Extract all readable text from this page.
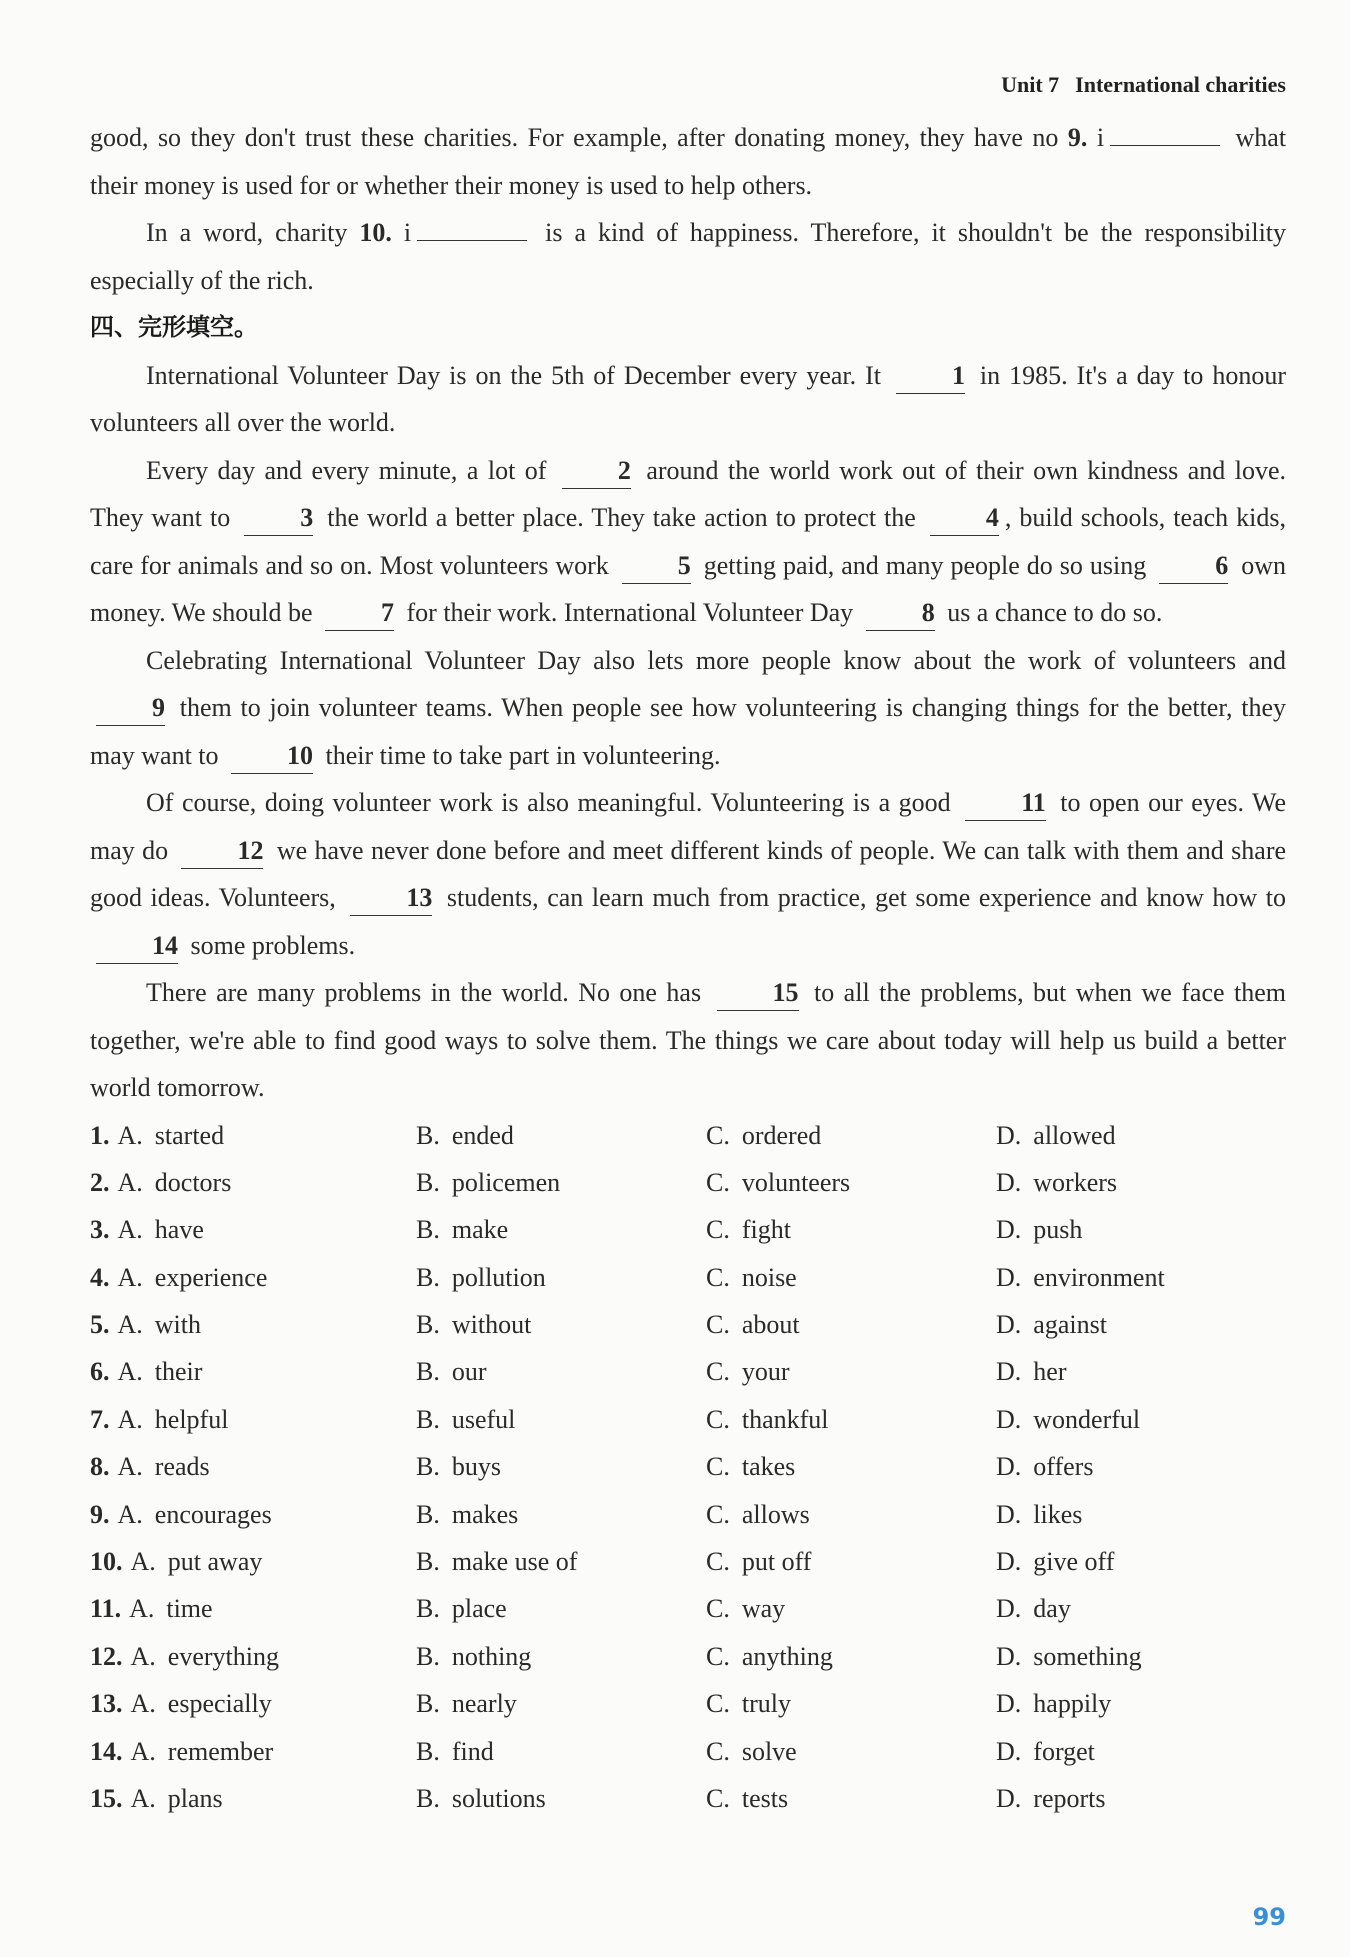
Unit 7 International charities

good, so they don't trust these charities. For example, after donating money, they have no 9. i	what their money is used for or whether their money is used to help others.

In a word, charity 10. i	is a kind of happiness. Therefore, it shouldn't be the responsibility especially of the rich.

四、完形填空。

International Volunteer Day is on the 5th of December every year. It	1 in 1985. It's a day to honour volunteers all over the world.

Every day and every minute, a lot of	2 around the world work out of their own kindness and love. They want to	3 the world a better place. They take action to protect the	4 , build schools, teach kids, care for animals and so on. Most volunteers work	5 getting paid, and many people do so using	6 own money. We should be	7 for their work. International Volunteer Day	8 us a chance to do so.

Celebrating International Volunteer Day also lets more people know about the work of volunteers and 9 them to join volunteer teams. When people see how volunteering is changing things for the better, they may want to	10 their time to take part in volunteering.

Of course, doing volunteer work is also meaningful. Volunteering is a good	11 to open our eyes. We may do	12 we have never done before and meet different kinds of people. We can talk with them and share good ideas. Volunteers,	13 students, can learn much from practice, get some experience and know how to 14 some problems.

There are many problems in the world. No one has	15 to all the problems, but when we face them together, we're able to find good ways to solve them. The things we care about today will help us build a better world tomorrow.

1. A. started	B. ended	C. ordered	D. allowed
2. A. doctors	B. policemen	C. volunteers	D. workers
3. A. have	B. make	C. fight	D. push
4. A. experience	B. pollution	C. noise	D. environment
5. A. with	B. without	C. about	D. against
6. A. their	B. our	C. your	D. her
7. A. helpful	B. useful	C. thankful	D. wonderful
8. A. reads	B. buys	C. takes	D. offers
9. A. encourages	B. makes	C. allows	D. likes
10. A. put away	B. make use of	C. put off	D. give off
11. A. time	B. place	C. way	D. day
12. A. everything	B. nothing	C. anything	D. something
13. A. especially	B. nearly	C. truly	D. happily
14. A. remember	B. find	C. solve	D. forget
15. A. plans	B. solutions	C. tests	D. reports
99
